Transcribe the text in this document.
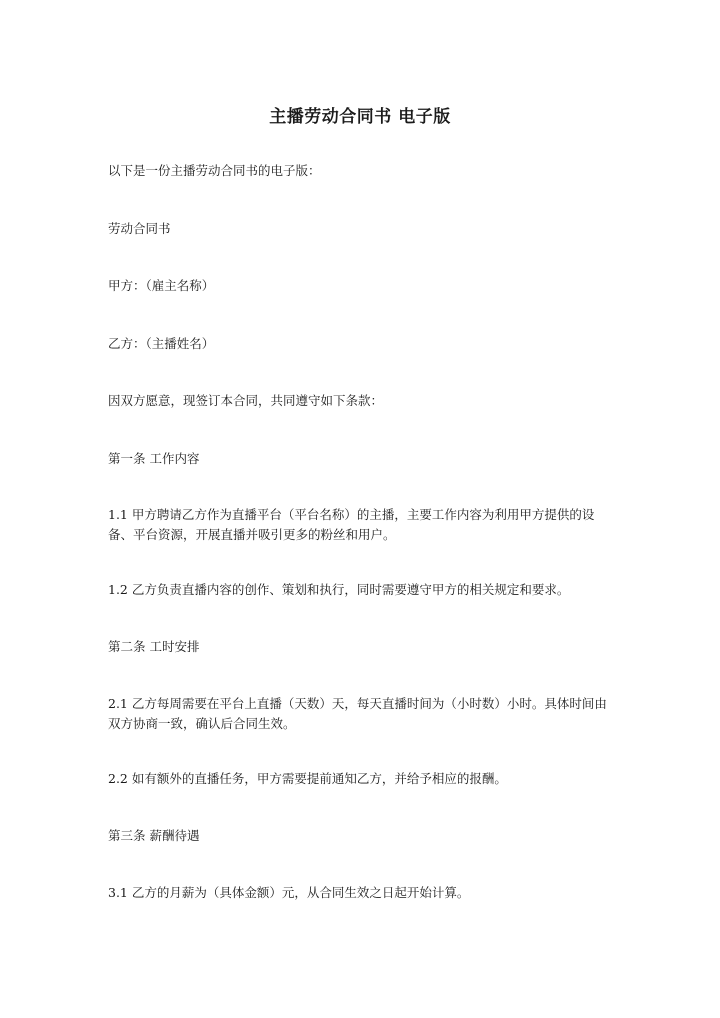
主播劳动合同书 电子版
以下是一份主播劳动合同书的电子版：
劳动合同书
甲方：（雇主名称）
乙方：（主播姓名）
因双方愿意，现签订本合同，共同遵守如下条款：
第一条 工作内容
1.1 甲方聘请乙方作为直播平台（平台名称）的主播，主要工作内容为利用甲方提供的设备、平台资源，开展直播并吸引更多的粉丝和用户。
1.2 乙方负责直播内容的创作、策划和执行，同时需要遵守甲方的相关规定和要求。
第二条 工时安排
2.1 乙方每周需要在平台上直播（天数）天，每天直播时间为（小时数）小时。具体时间由双方协商一致，确认后合同生效。
2.2 如有额外的直播任务，甲方需要提前通知乙方，并给予相应的报酬。
第三条 薪酬待遇
3.1 乙方的月薪为（具体金额）元，从合同生效之日起开始计算。
